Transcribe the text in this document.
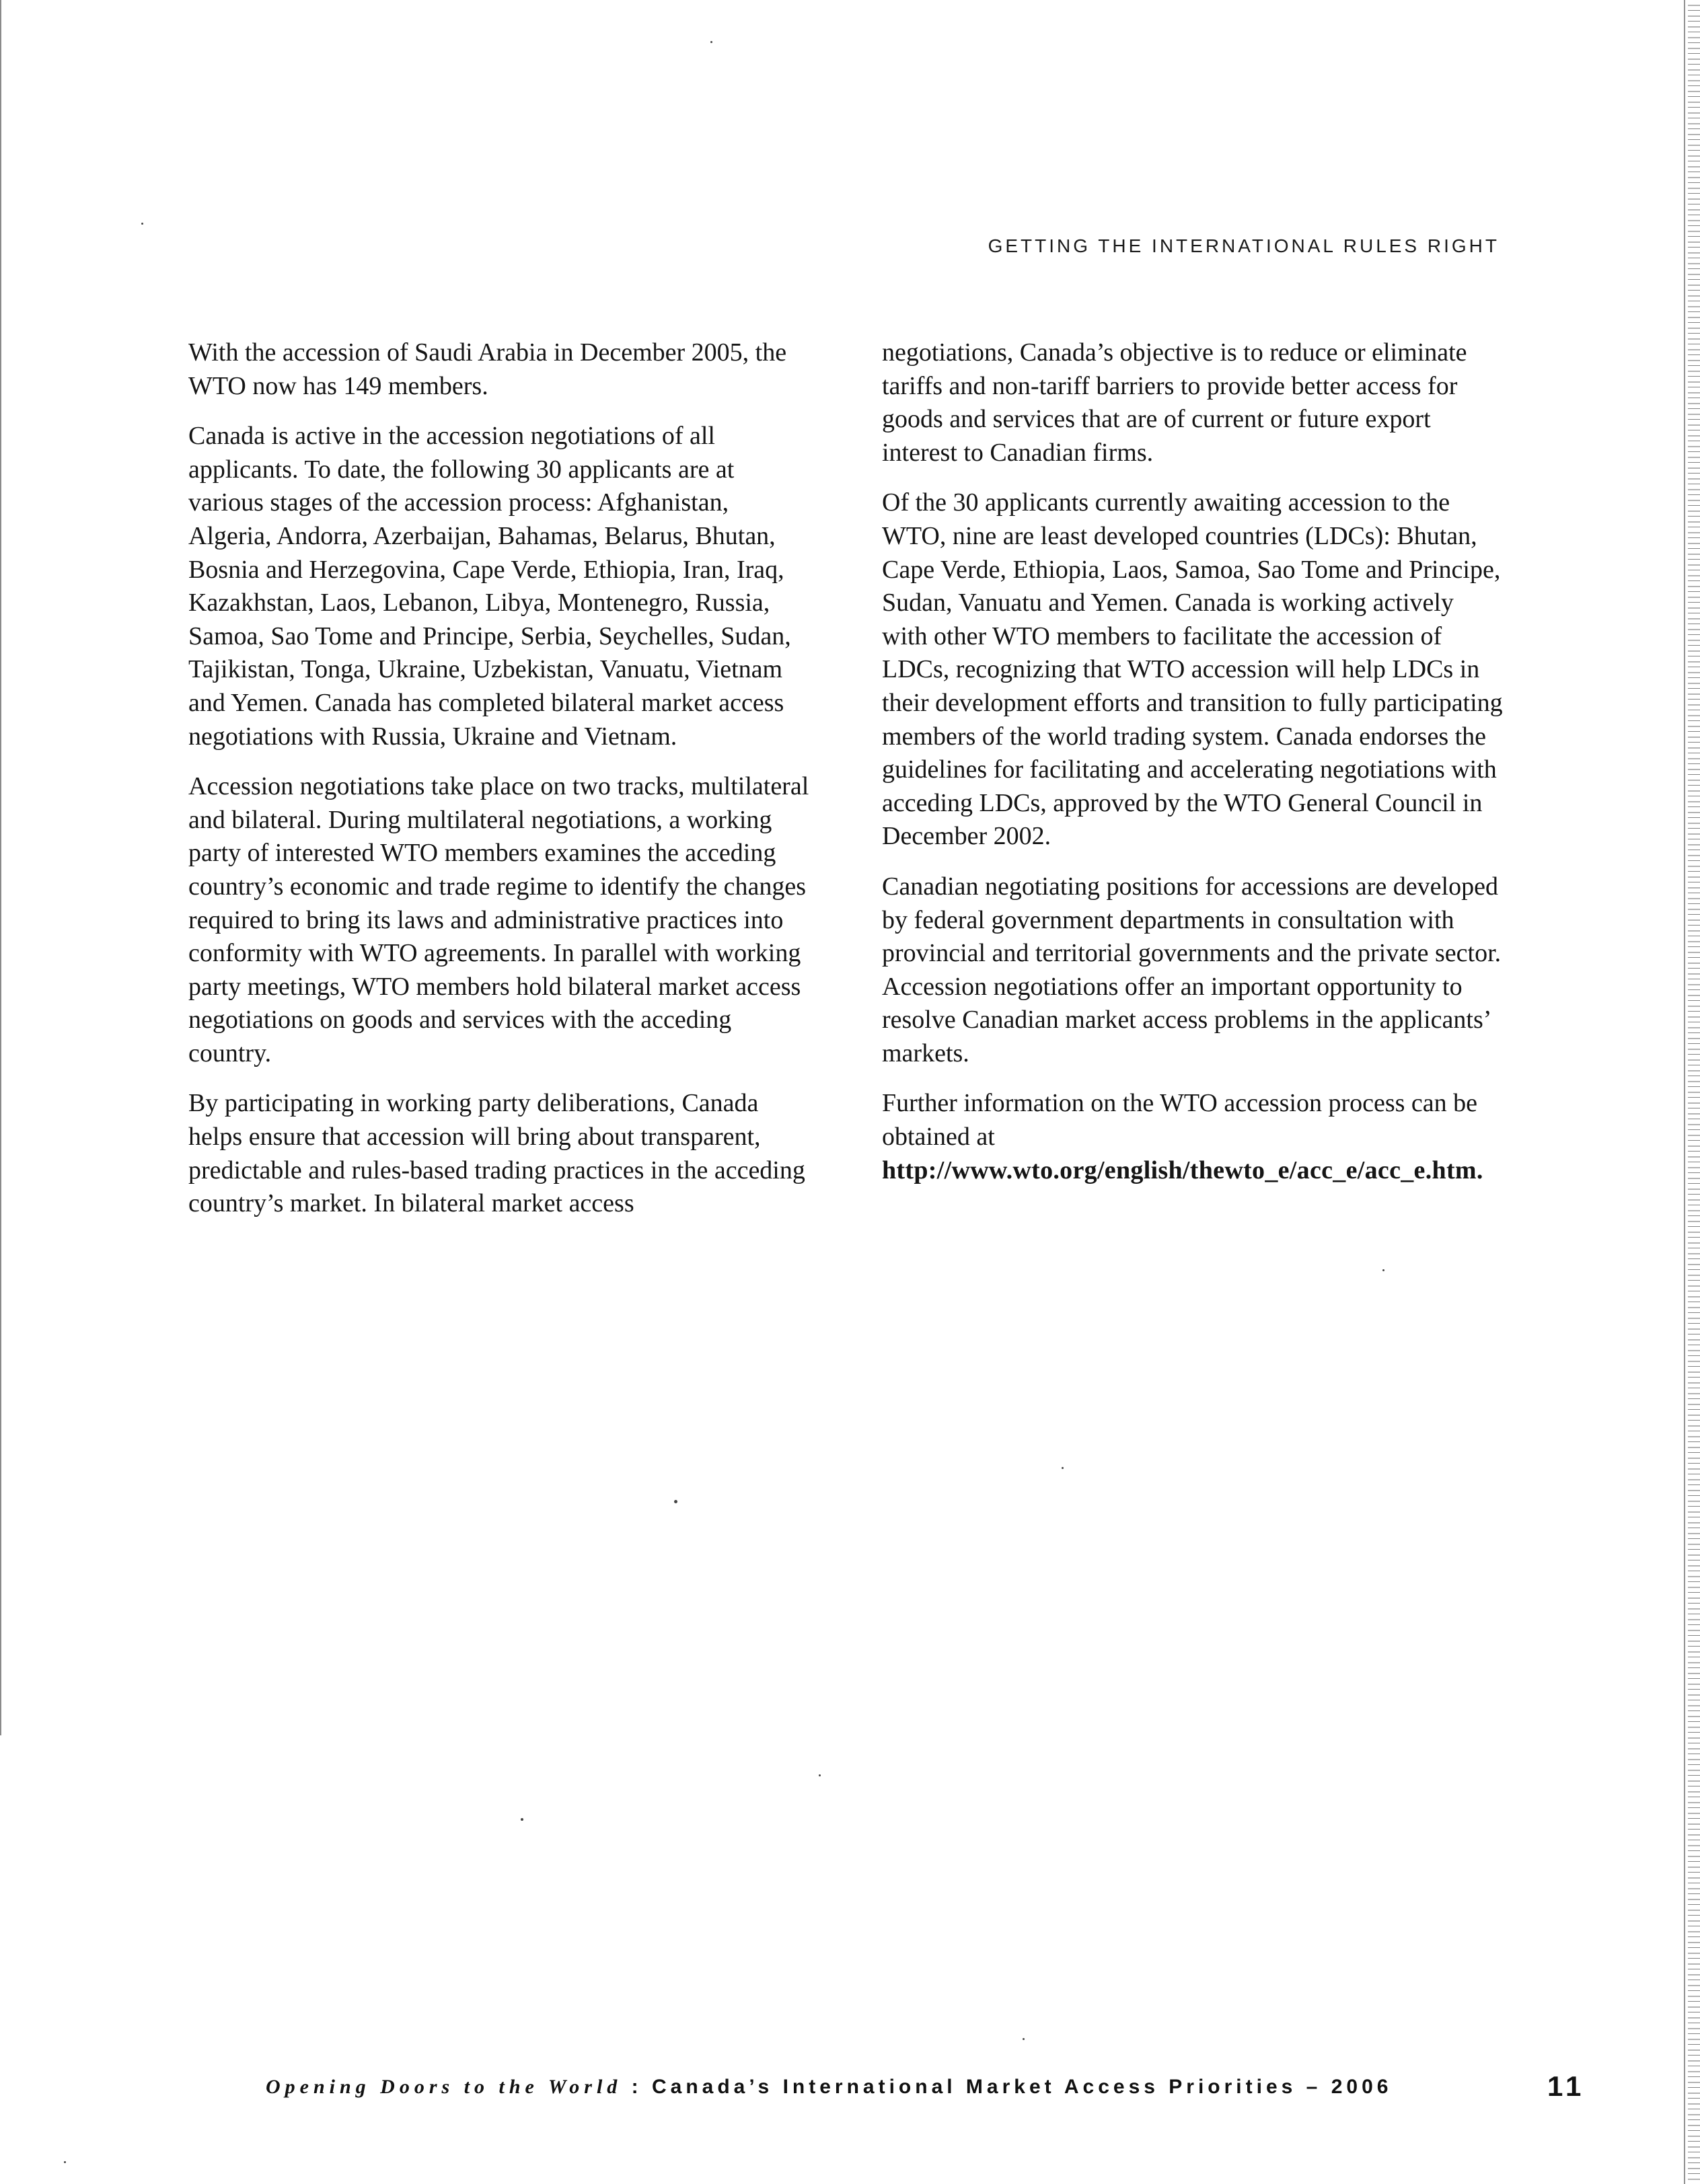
GETTING THE INTERNATIONAL RULES RIGHT

With the accession of Saudi Arabia in December 2005, the WTO now has 149 members.

Canada is active in the accession negotiations of all applicants. To date, the following 30 applicants are at various stages of the accession process: Afghanistan, Algeria, Andorra, Azerbaijan, Bahamas, Belarus, Bhutan, Bosnia and Herzegovina, Cape Verde, Ethiopia, Iran, Iraq, Kazakhstan, Laos, Lebanon, Libya, Montenegro, Russia, Samoa, Sao Tome and Principe, Serbia, Seychelles, Sudan, Tajikistan, Tonga, Ukraine, Uzbekistan, Vanuatu, Vietnam and Yemen. Canada has completed bilateral market access negotiations with Russia, Ukraine and Vietnam.

Accession negotiations take place on two tracks, multilateral and bilateral. During multilateral negotiations, a working party of interested WTO members examines the acceding country’s economic and trade regime to identify the changes required to bring its laws and administrative practices into conformity with WTO agreements. In parallel with working party meetings, WTO members hold bilateral market access negotiations on goods and services with the acceding country.

By participating in working party deliberations, Canada helps ensure that accession will bring about transparent, predictable and rules-based trading practices in the acceding country’s market. In bilateral market access

negotiations, Canada’s objective is to reduce or eliminate tariffs and non-tariff barriers to provide better access for goods and services that are of current or future export interest to Canadian firms.

Of the 30 applicants currently awaiting accession to the WTO, nine are least developed countries (LDCs): Bhutan, Cape Verde, Ethiopia, Laos, Samoa, Sao Tome and Principe, Sudan, Vanuatu and Yemen. Canada is working actively with other WTO members to facilitate the accession of LDCs, recognizing that WTO accession will help LDCs in their development efforts and transition to fully participating members of the world trading system. Canada endorses the guidelines for facilitating and accelerating negotiations with acceding LDCs, approved by the WTO General Council in December 2002.

Canadian negotiating positions for accessions are developed by federal government departments in consultation with provincial and territorial governments and the private sector. Accession negotiations offer an important opportunity to resolve Canadian market access problems in the applicants’ markets.

Further information on the WTO accession process can be obtained at http://www.wto.org/english/thewto_e/acc_e/acc_e.htm.

Opening Doors to the World : Canada’s International Market Access Priorities – 2006	11
